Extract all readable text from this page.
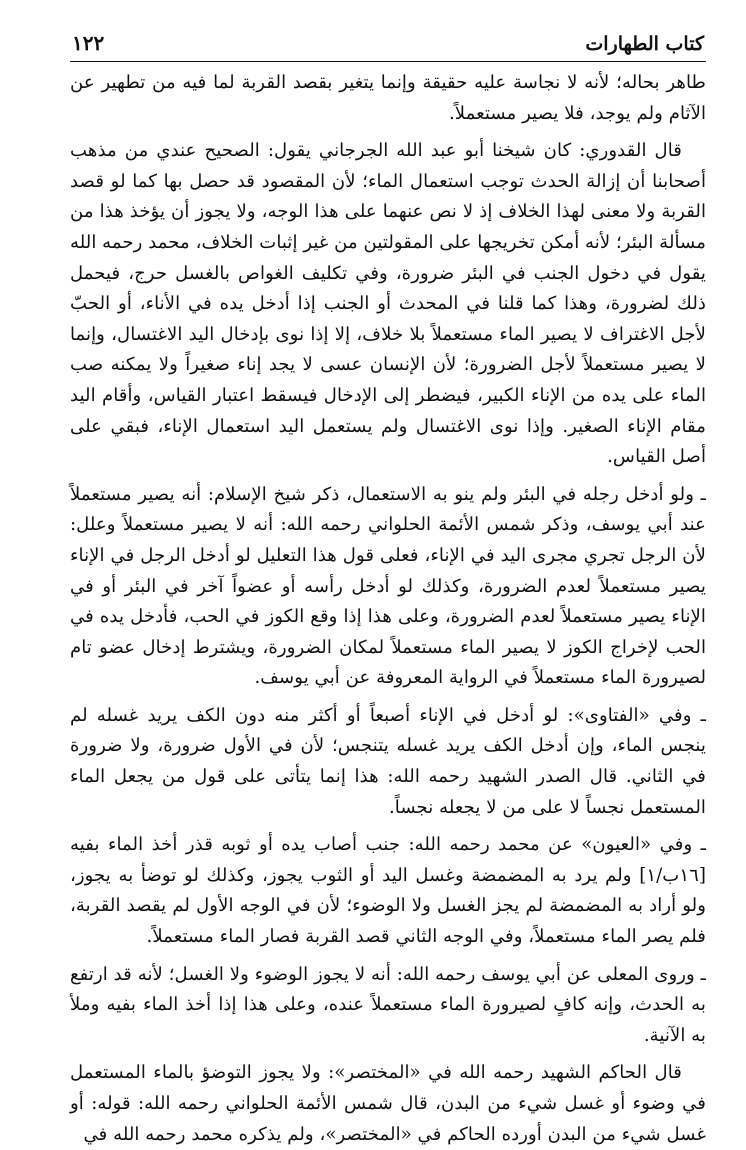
كتاب الطهارات
١٢٢

طاهر بحاله؛ لأنه لا نجاسة عليه حقيقة وإنما يتغير بقصد القربة لما فيه من تطهير عن الآثام ولم يوجد، فلا يصير مستعملاً.

قال القدوري: كان شيخنا أبو عبد الله الجرجاني يقول: الصحيح عندي من مذهب أصحابنا أن إزالة الحدث توجب استعمال الماء؛ لأن المقصود قد حصل بها كما لو قصد القربة ولا معنى لهذا الخلاف إذ لا نص عنهما على هذا الوجه، ولا يجوز أن يؤخذ هذا من مسألة البئر؛ لأنه أمكن تخريجها على المقولتين من غير إثبات الخلاف، محمد رحمه الله يقول في دخول الجنب في البئر ضرورة، وفي تكليف الغواص بالغسل حرج، فيحمل ذلك لضرورة، وهذا كما قلنا في المحدث أو الجنب إذا أدخل يده في الأناء، أو الحبّ لأجل الاغتراف لا يصير الماء مستعملاً بلا خلاف، إلا إذا نوى بإدخال اليد الاغتسال، وإنما لا يصير مستعملاً لأجل الضرورة؛ لأن الإنسان عسى لا يجد إناء صغيراً ولا يمكنه صب الماء على يده من الإناء الكبير، فيضطر إلى الإدخال فيسقط اعتبار القياس، وأقام اليد مقام الإناء الصغير. وإذا نوى الاغتسال ولم يستعمل اليد استعمال الإناء، فبقي على أصل القياس.

ـ ولو أدخل رجله في البئر ولم ينو به الاستعمال، ذكر شيخ الإسلام: أنه يصير مستعملاً عند أبي يوسف، وذكر شمس الأئمة الحلواني رحمه الله: أنه لا يصير مستعملاً وعلل: لأن الرجل تجري مجرى اليد في الإناء، فعلى قول هذا التعليل لو أدخل الرجل في الإناء يصير مستعملاً لعدم الضرورة، وكذلك لو أدخل رأسه أو عضواً آخر في البئر أو في الإناء يصير مستعملاً لعدم الضرورة، وعلى هذا إذا وقع الكوز في الحب، فأدخل يده في الحب لإخراج الكوز لا يصير الماء مستعملاً لمكان الضرورة، ويشترط إدخال عضو تام لصيرورة الماء مستعملاً في الرواية المعروفة عن أبي يوسف.

ـ وفي «الفتاوى»: لو أدخل في الإناء أصبعاً أو أكثر منه دون الكف يريد غسله لم ينجس الماء، وإن أدخل الكف يريد غسله يتنجس؛ لأن في الأول ضرورة، ولا ضرورة في الثاني. قال الصدر الشهيد رحمه الله: هذا إنما يتأتى على قول من يجعل الماء المستعمل نجساً لا على من لا يجعله نجساً.

ـ وفي «العيون» عن محمد رحمه الله: جنب أصاب يده أو ثوبه قذر أخذ الماء بفيه [١٦ب/١] ولم يرد به المضمضة وغسل اليد أو الثوب يجوز، وكذلك لو توضأ به يجوز، ولو أراد به المضمضة لم يجز الغسل ولا الوضوء؛ لأن في الوجه الأول لم يقصد القربة، فلم يصر الماء مستعملاً، وفي الوجه الثاني قصد القربة فصار الماء مستعملاً.

ـ وروى المعلى عن أبي يوسف رحمه الله: أنه لا يجوز الوضوء ولا الغسل؛ لأنه قد ارتفع به الحدث، وإنه كافٍ لصيرورة الماء مستعملاً عنده، وعلى هذا إذا أخذ الماء بفيه وملأ به الآنية.

قال الحاكم الشهيد رحمه الله في «المختصر»: ولا يجوز التوضؤ بالماء المستعمل في وضوء أو غسل شيء من البدن، قال شمس الأئمة الحلواني رحمه الله: قوله: أو غسل شيء من البدن أورده الحاكم في «المختصر»، ولم يذكره محمد رحمه الله في
